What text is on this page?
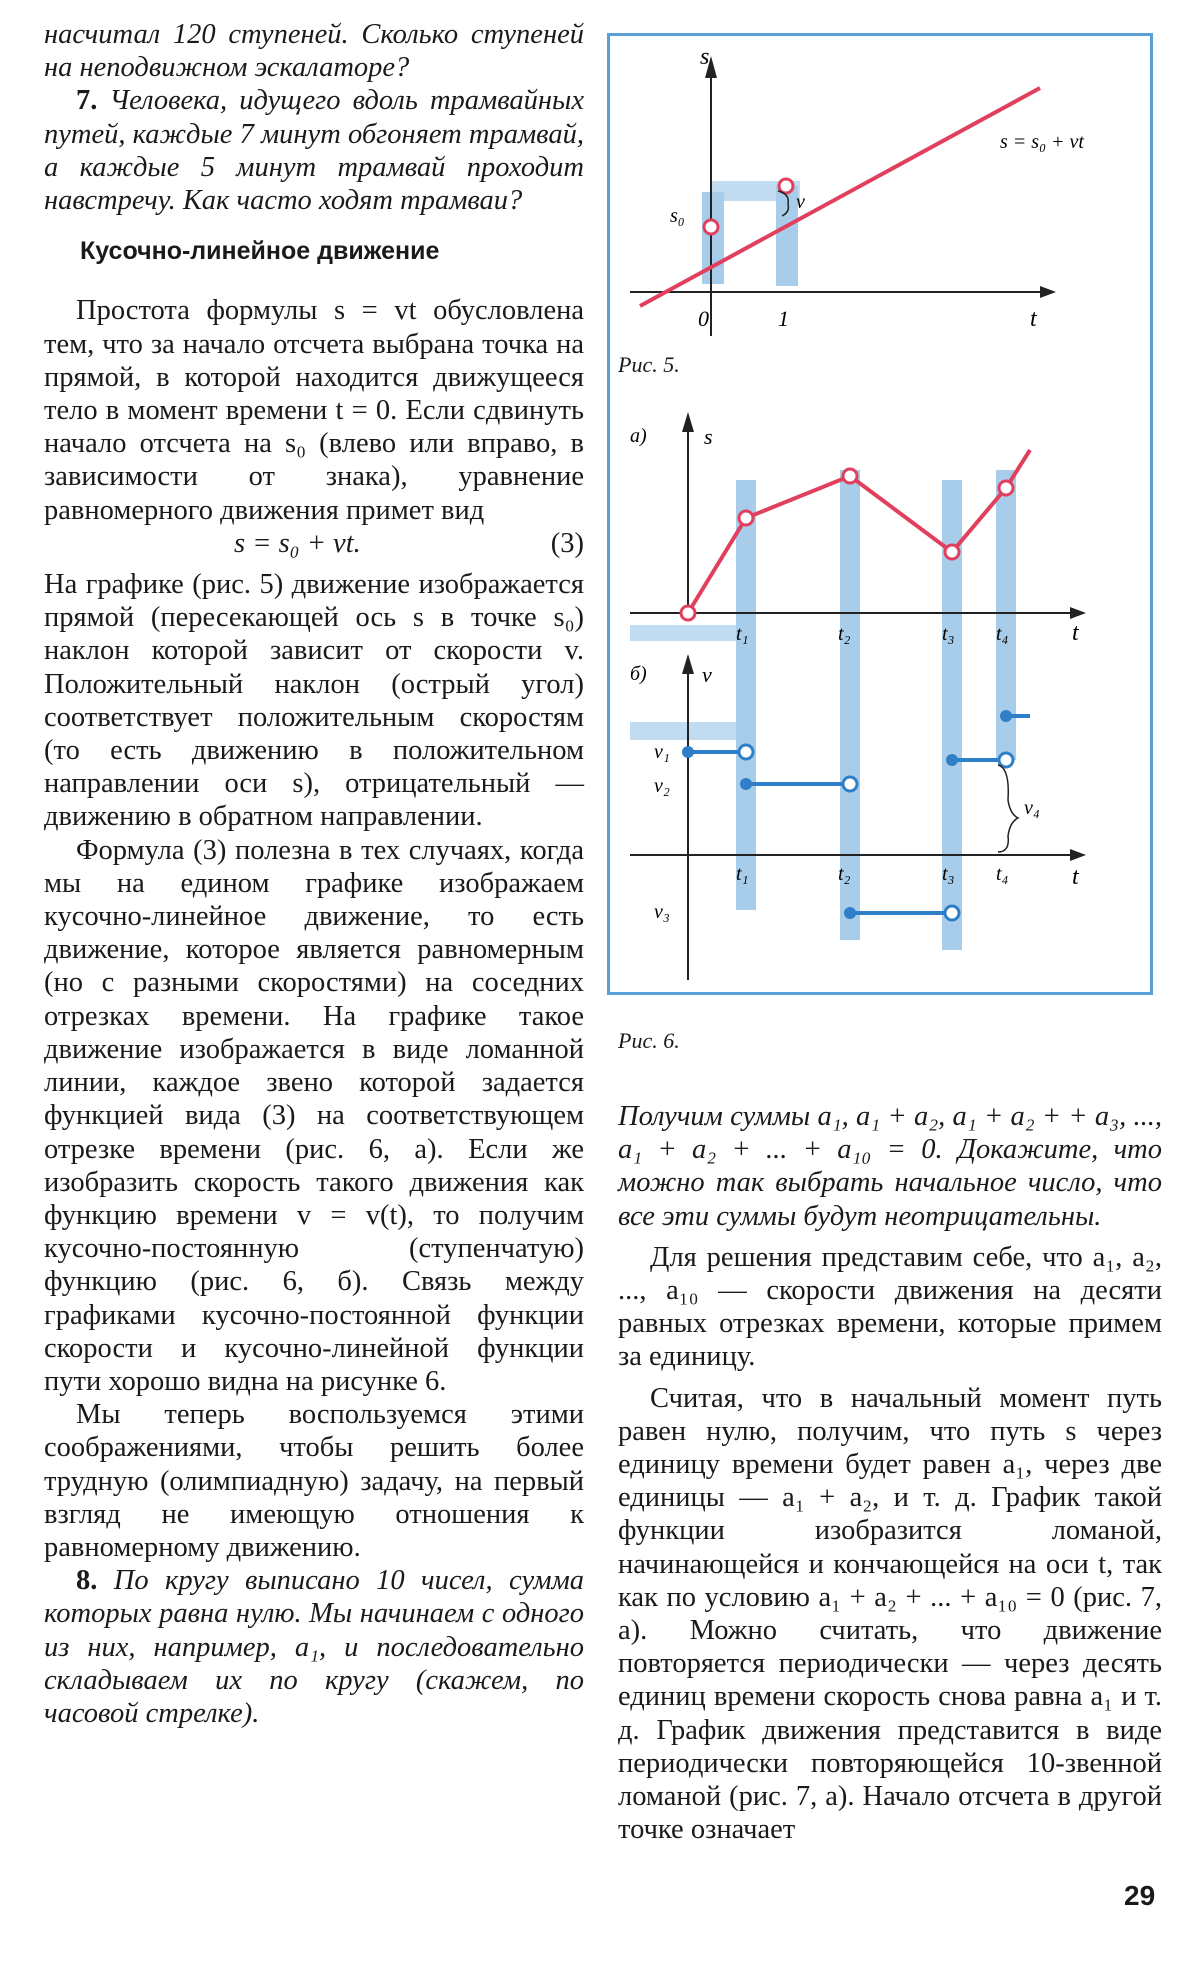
насчитал 120 ступеней. Сколько ступеней на неподвижном эскалаторе?

7. Человека, идущего вдоль трамвайных путей, каждые 7 минут обгоняет трамвай, а каждые 5 минут трамвай проходит навстречу. Как часто ходят трамваи?

Кусочно-линейное движение

Простота формулы s = vt обусловлена тем, что за начало отсчета выбрана точка на прямой, в которой находится движущееся тело в момент времени t = 0. Если сдвинуть начало отсчета на s₀ (влево или вправо, в зависимости от знака), уравнение равномерного движения примет вид

s = s₀ + vt.	(3)

На графике (рис. 5) движение изображается прямой (пересекающей ось s в точке s₀) наклон которой зависит от скорости v. Положительный наклон (острый угол) соответствует положительным скоростям (то есть движению в положительном направлении оси s), отрицательный — движению в обратном направлении.

Формула (3) полезна в тех случаях, когда мы на едином графике изображаем кусочно-линейное движение, то есть движение, которое является равномерным (но с разными скоростями) на соседних отрезках времени. На графике такое движение изображается в виде ломанной линии, каждое звено которой задается функцией вида (3) на соответствующем отрезке времени (рис. 6, а). Если же изобразить скорость такого движения как функцию времени v = v(t), то получим кусочно-постоянную (ступенчатую) функцию (рис. 6, б). Связь между графиками кусочно-постоянной функции скорости и кусочно-линейной функции пути хорошо видна на рисунке 6.

Мы теперь воспользуемся этими соображениями, чтобы решить более трудную (олимпиадную) задачу, на первый взгляд не имеющую отношения к равномерному движению.

8. По кругу выписано 10 чисел, сумма которых равна нулю. Мы начинаем с одного из них, например, a₁, и последовательно складываем их по кругу (скажем, по часовой стрелке).

s
t
0	1
s₀
v
s = s₀ + vt
Рис. 5.
а)	s
t
t₁	t₂	t₃ t₄
б)	v
t
t₁	t₂	t₃ t₄
v₁
v₂
v₃
v₄
Рис. 6.

Получим суммы a₁, a₁ + a₂, a₁ + a₂ + + a₃, ..., a₁ + a₂ + ... + a₁₀ = 0. Докажите, что можно так выбрать начальное число, что все эти суммы будут неотрицательны.

Для решения представим себе, что a₁, a₂, ..., a₁₀ — скорости движения на десяти равных отрезках времени, которые примем за единицу.

Считая, что в начальный момент путь равен нулю, получим, что путь s через единицу времени будет равен a₁, через две единицы — a₁ + a₂, и т. д. График такой функции изобразится ломаной, начинающейся и кончающейся на оси t, так как по условию a₁ + a₂ + ... + a₁₀ = 0 (рис. 7, а). Можно считать, что движение повторяется периодически — через десять единиц времени скорость снова равна a₁ и т. д. График движения представится в виде периодически повторяющейся 10-звенной ломаной (рис. 7, а). Начало отсчета в другой точке означает

29
